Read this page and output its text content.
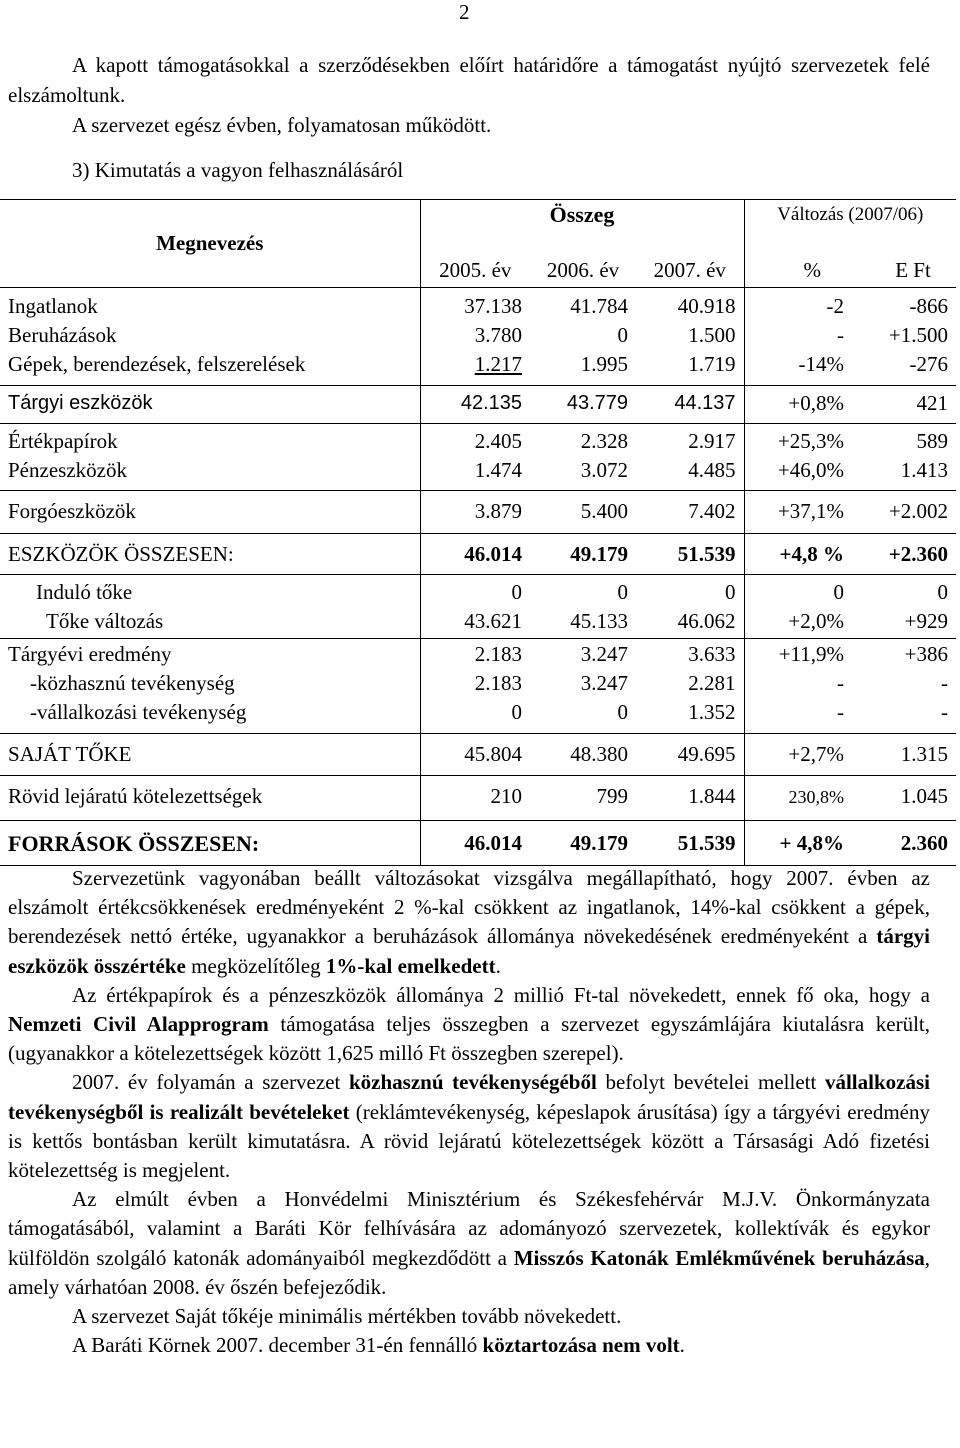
2

A kapott támogatásokkal a szerződésekben előírt határidőre a támogatást nyújtó szervezetek felé elszámoltunk.

A szervezet egész évben, folyamatosan működött.

3) Kimutatás a vagyon felhasználásáról

Megnevezés	Összeg			Változás (2007/06)	
	2005. év	2006. év	2007. év	%	E Ft
Ingatlanok	37.138	41.784	40.918	-2	-866
Beruházások	3.780	0	1.500	-	+1.500
Gépek, berendezések, felszerelések	1.217	1.995	1.719	-14%	-276
Tárgyi eszközök	42.135	43.779	44.137	+0,8%	421
Értékpapírok	2.405	2.328	2.917	+25,3%	589
Pénzeszközök	1.474	3.072	4.485	+46,0%	1.413
Forgóeszközök	3.879	5.400	7.402	+37,1%	+2.002
ESZKÖZÖK ÖSSZESEN:	46.014	49.179	51.539	+4,8 %	+2.360
Induló tőke	0	0	0	0	0
Tőke változás	43.621	45.133	46.062	+2,0%	+929
Tárgyévi eredmény	2.183	3.247	3.633	+11,9%	+386
-közhasznú tevékenység	2.183	3.247	2.281	-	-
-vállalkozási tevékenység	0	0	1.352	-	-
SAJÁT TŐKE	45.804	48.380	49.695	+2,7%	1.315
Rövid lejáratú kötelezettségek	210	799	1.844	230,8%	1.045
FORRÁSOK ÖSSZESEN:	46.014	49.179	51.539	+ 4,8%	2.360

Szervezetünk vagyonában beállt változásokat vizsgálva megállapítható, hogy 2007. évben az elszámolt értékcsökkenések eredményeként 2 %-kal csökkent az ingatlanok, 14%-kal csökkent a gépek, berendezések nettó értéke, ugyanakkor a beruházások állománya növekedésének eredményeként a tárgyi eszközök összértéke megközelítőleg 1%-kal emelkedett.

Az értékpapírok és a pénzeszközök állománya 2 millió Ft-tal növekedett, ennek fő oka, hogy a Nemzeti Civil Alapprogram támogatása teljes összegben a szervezet egyszámlájára kiutalásra került,(ugyanakkor a kötelezettségek között 1,625 milló Ft összegben szerepel).

2007. év folyamán a szervezet közhasznú tevékenységéből befolyt bevételei mellett vállalkozási tevékenységből is realizált bevételeket (reklámtevékenység, képeslapok árusítása) így a tárgyévi eredmény is kettős bontásban került kimutatásra. A rövid lejáratú kötelezettségek között a Társasági Adó fizetési kötelezettség is megjelent.

Az elmúlt évben a Honvédelmi Minisztérium és Székesfehérvár M.J.V. Önkormányzata támogatásából, valamint a Baráti Kör felhívására az adományozó szervezetek, kollektívák és egykor külföldön szolgáló katonák adományaiból megkezdődött a Misszós Katonák Emlékművének beruházása, amely várhatóan 2008. év őszén befejeződik.

A szervezet Saját tőkéje minimális mértékben tovább növekedett.

A Baráti Körnek 2007. december 31-én fennálló köztartozása nem volt.
